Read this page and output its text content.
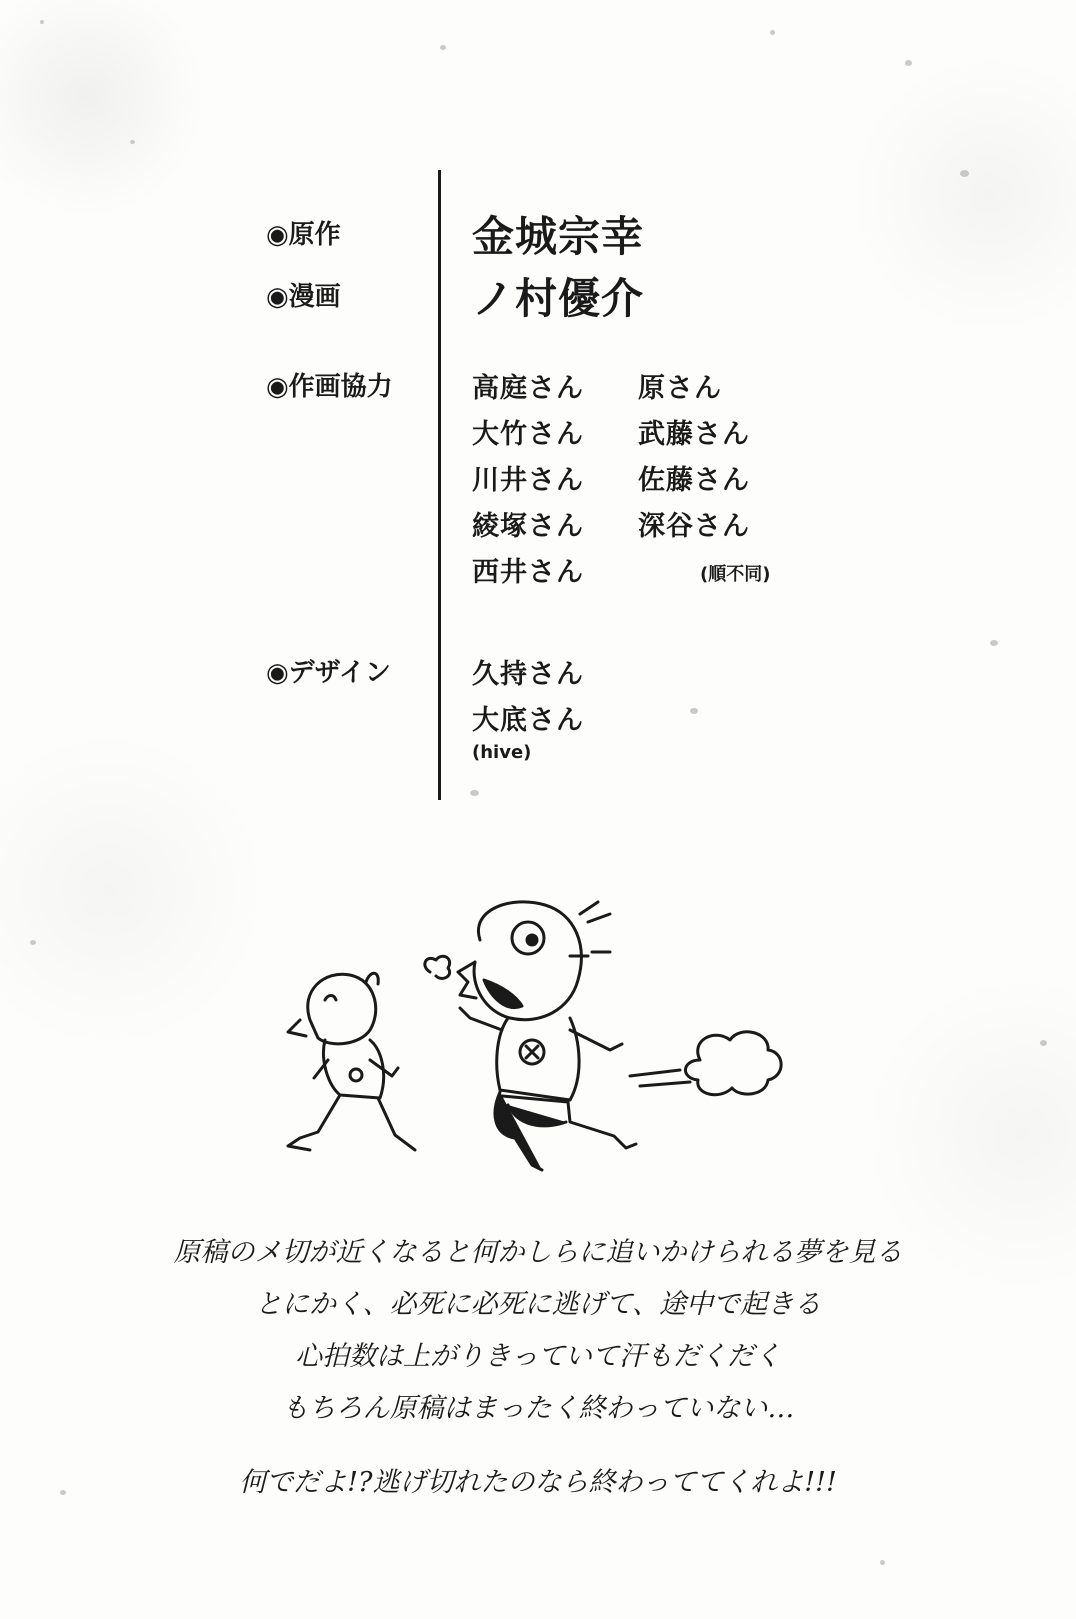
◉原作	金城宗幸
◉漫画	ノ村優介
◉作画協力	高庭さん 原さん
大竹さん 武藤さん
川井さん 佐藤さん
綾塚さん 深谷さん
西井さん	(順不同)
◉デザイン	久持さん
大底さん
(hive)
原稿のメ切が近くなると何かしらに追いかけられる夢を見る
とにかく、必死に必死に逃げて、途中で起きる
心拍数は上がりきっていて汗もだくだく
もちろん原稿はまったく終わっていない…
何でだよ!?逃げ切れたのなら終わっててくれよ!!!
